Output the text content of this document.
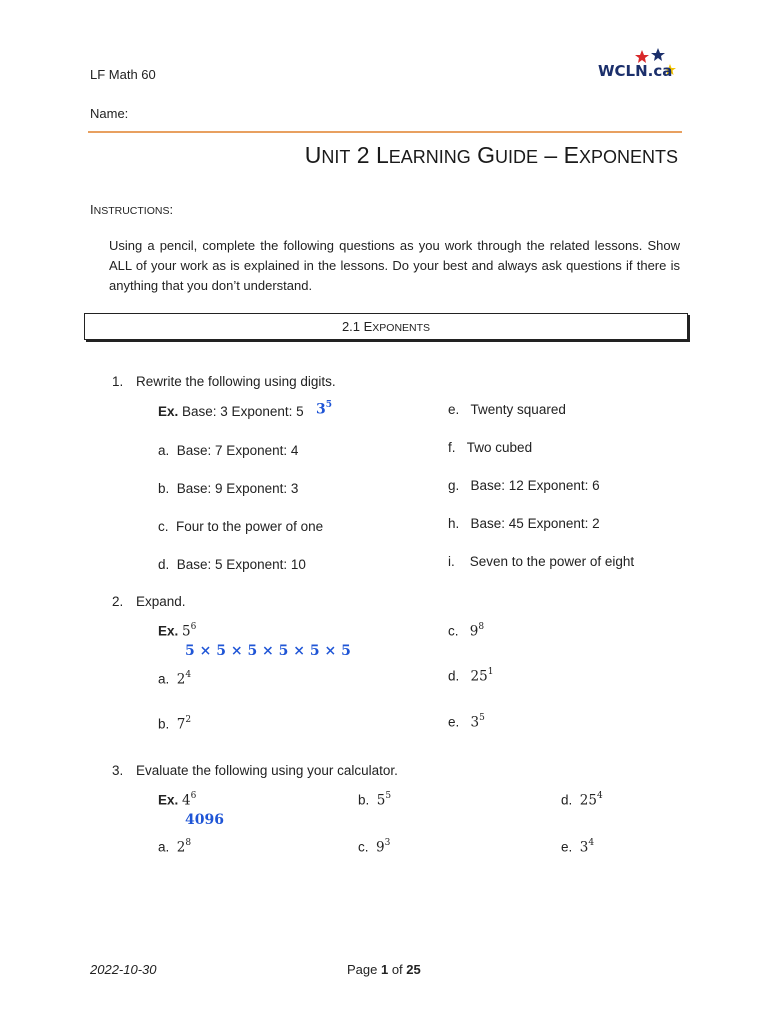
LF Math 60
Name:
WCLN.ca
UNIT 2 LEARNING GUIDE – EXPONENTS
INSTRUCTIONS:
Using a pencil, complete the following questions as you work through the related lessons. Show ALL of your work as is explained in the lessons. Do your best and always ask questions if there is anything that you don’t understand.
2.1 EXPONENTS
1. Rewrite the following using digits.
Ex. Base: 3 Exponent: 5 $3^5$
a. Base: 7 Exponent: 4
b. Base: 9 Exponent: 3
c. Four to the power of one
d. Base: 5 Exponent: 10
e. Twenty squared
f. Two cubed
g. Base: 12 Exponent: 6
h. Base: 45 Exponent: 2
i. Seven to the power of eight
2. Expand.
Ex. $5^6$
5 × 5 × 5 × 5 × 5 × 5
a. $2^4$
b. $7^2$
c. $9^8$
d. $25^1$
e. $3^5$
3. Evaluate the following using your calculator.
Ex. $4^6$
4096
a. $2^8$
b. $5^5$
c. $9^3$
d. $25^4$
e. $3^4$
2022-10-30	Page 1 of 25
